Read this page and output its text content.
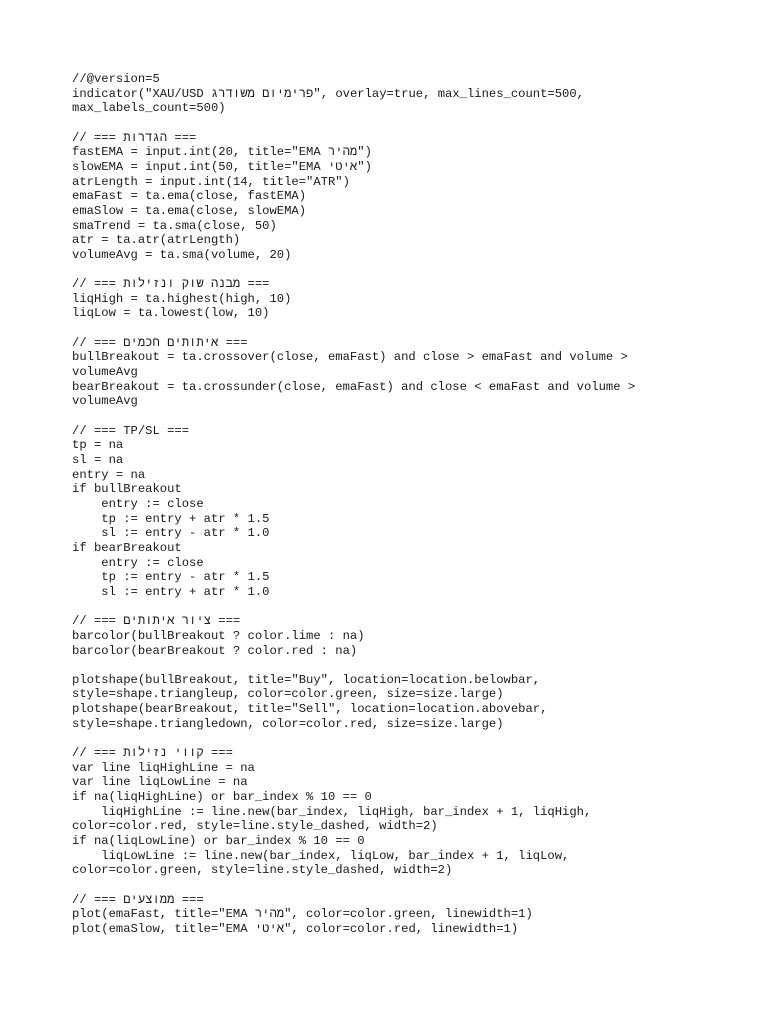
//@version=5
indicator("XAU/USD ‏פרימיום משודרג‏", overlay=true, max_lines_count=500,
max_labels_count=500)
// === ‏הגדרות‏ ===
fastEMA = input.int(20, title="EMA ‏מהיר‏")
slowEMA = input.int(50, title="EMA ‏איטי‏")
atrLength = input.int(14, title="ATR")
emaFast = ta.ema(close, fastEMA)
emaSlow = ta.ema(close, slowEMA)
smaTrend = ta.sma(close, 50)
atr = ta.atr(atrLength)
volumeAvg = ta.sma(volume, 20)
// === ‏מבנה שוק ונזילות‏ ===
liqHigh = ta.highest(high, 10)
liqLow = ta.lowest(low, 10)
// === ‏איתותים חכמים‏ ===
bullBreakout = ta.crossover(close, emaFast) and close > emaFast and volume >
volumeAvg
bearBreakout = ta.crossunder(close, emaFast) and close < emaFast and volume >
volumeAvg
// === TP/SL ===
tp = na
sl = na
entry = na
if bullBreakout
entry := close
tp := entry + atr * 1.5
sl := entry - atr * 1.0
if bearBreakout
entry := close
tp := entry - atr * 1.5
sl := entry + atr * 1.0
// === ‏ציור איתותים‏ ===
barcolor(bullBreakout ? color.lime : na)
barcolor(bearBreakout ? color.red : na)
plotshape(bullBreakout, title="Buy", location=location.belowbar,
style=shape.triangleup, color=color.green, size=size.large)
plotshape(bearBreakout, title="Sell", location=location.abovebar,
style=shape.triangledown, color=color.red, size=size.large)
// === ‏קווי נזילות‏ ===
var line liqHighLine = na
var line liqLowLine = na
if na(liqHighLine) or bar_index % 10 == 0
liqHighLine := line.new(bar_index, liqHigh, bar_index + 1, liqHigh,
color=color.red, style=line.style_dashed, width=2)
if na(liqLowLine) or bar_index % 10 == 0
liqLowLine := line.new(bar_index, liqLow, bar_index + 1, liqLow,
color=color.green, style=line.style_dashed, width=2)
// === ‏ממוצעים‏ ===
plot(emaFast, title="EMA ‏מהיר‏", color=color.green, linewidth=1)
plot(emaSlow, title="EMA ‏איטי‏", color=color.red, linewidth=1)
